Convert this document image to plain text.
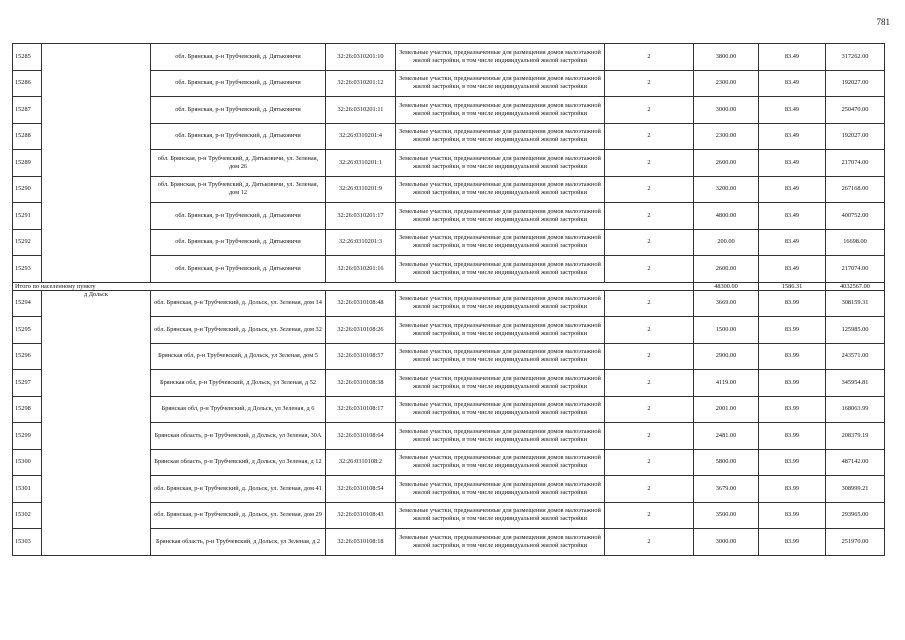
781
15285		обл. Брянская, р-н Трубчевский, д. Дятьковичи	32:26:0310201:10	Земельные участки, предназначенные для размещения домов малоэтажной жилой застройки, в том числе индивидуальной жилой застройки	2	3800.00	83.49	317262.00
15286		обл. Брянская, р-н Трубчевский, д. Дятьковичи	32:26:0310201:12	Земельные участки, предназначенные для размещения домов малоэтажной жилой застройки, в том числе индивидуальной жилой застройки	2	2300.00	83.49	192027.00
15287		обл. Брянская, р-н Трубчевский, д. Дятьковичи	32:26:0310201:11	Земельные участки, предназначенные для размещения домов малоэтажной жилой застройки, в том числе индивидуальной жилой застройки	2	3000.00	83.49	250470.00
15288		обл. Брянская, р-н Трубчевский, д. Дятьковичи	32:26:0310201:4	Земельные участки, предназначенные для размещения домов малоэтажной жилой застройки, в том числе индивидуальной жилой застройки	2	2300.00	83.49	192027.00
15289		обл. Брянская, р-н Трубчевский, д. Дятьковичи, ул. Зеленая, дом 26	32:26:0310201:1	Земельные участки, предназначенные для размещения домов малоэтажной жилой застройки, в том числе индивидуальной жилой застройки	2	2600.00	83.49	217074.00
15290		обл. Брянская, р-н Трубчевский, д. Дятьковичи, ул. Зеленая, дом 12	32:26:0310201:9	Земельные участки, предназначенные для размещения домов малоэтажной жилой застройки, в том числе индивидуальной жилой застройки	2	3200.00	83.49	267168.00
15291		обл. Брянская, р-н Трубчевский, д. Дятьковичи	32:26:0310201:17	Земельные участки, предназначенные для размещения домов малоэтажной жилой застройки, в том числе индивидуальной жилой застройки	2	4800.00	83.49	400752.00
15292		обл. Брянская, р-н Трубчевский, д. Дятьковичи	32:26:0310201:3	Земельные участки, предназначенные для размещения домов малоэтажной жилой застройки, в том числе индивидуальной жилой застройки	2	200.00	83.49	16698.00
15293		обл. Брянская, р-н Трубчевский, д. Дятьковичи	32:26:0310201:16	Земельные участки, предназначенные для размещения домов малоэтажной жилой застройки, в том числе индивидуальной жилой застройки	2	2600.00	83.49	217074.00
Итого по населенному пункту						48300.00	1586.31	4032567.00
15294	д Дольск	обл. Брянская, р-н Трубчевский, д. Дольск, ул. Зеленая, дом 14	32:26:0310108:48	Земельные участки, предназначенные для размещения домов малоэтажной жилой застройки, в том числе индивидуальной жилой застройки	2	3669.00	83.99	308159.31
15295		обл. Брянская, р-н Трубчевский, д. Дольск, ул. Зеленая, дом 32	32:26:0310108:26	Земельные участки, предназначенные для размещения домов малоэтажной жилой застройки, в том числе индивидуальной жилой застройки	2	1500.00	83.99	125985.00
15296		Брянская обл, р-н Трубчевский, д Дольск, ул Зеленая, дом 5	32:26:0310108:57	Земельные участки, предназначенные для размещения домов малоэтажной жилой застройки, в том числе индивидуальной жилой застройки	2	2900.00	83.99	243571.00
15297		Брянская обл, р-н Трубчевский, д Дольск, ул Зеленая, д 52	32:26:0310108:38	Земельные участки, предназначенные для размещения домов малоэтажной жилой застройки, в том числе индивидуальной жилой застройки	2	4119.00	83.99	345954.81
15298		Брянская обл, р-н Трубчевский, д Дольск, ул Зеленая, д 6	32:26:0310108:17	Земельные участки, предназначенные для размещения домов малоэтажной жилой застройки, в том числе индивидуальной жилой застройки	2	2001.00	83.99	168063.99
15299		Брянская область, р-н Трубчевский, д Дольск, ул Зеленая, 30А	32:26:0310108:64	Земельные участки, предназначенные для размещения домов малоэтажной жилой застройки, в том числе индивидуальной жилой застройки	2	2481.00	83.99	208379.19
15300		Брянская область, р-н Трубчевский, д Дольск, ул Зеленая, д 12	32:26:0310108:2	Земельные участки, предназначенные для размещения домов малоэтажной жилой застройки, в том числе индивидуальной жилой застройки	2	5800.00	83.99	487142.00
15301		обл. Брянская, р-н Трубчевский, д. Дольск, ул. Зеленая, дом 41	32:26:0310108:54	Земельные участки, предназначенные для размещения домов малоэтажной жилой застройки, в том числе индивидуальной жилой застройки	2	3679.00	83.99	308999.21
15302		обл. Брянская, р-н Трубчевский, д. Дольск, ул. Зеленая, дом 29	32:26:0310108:43	Земельные участки, предназначенные для размещения домов малоэтажной жилой застройки, в том числе индивидуальной жилой застройки	2	3500.00	83.99	293965.00
15303		Брянская область, р-н Трубчевский, д Дольск, ул Зеленая, д 2	32:26:0310108:18	Земельные участки, предназначенные для размещения домов малоэтажной жилой застройки, в том числе индивидуальной жилой застройки	2	3000.00	83.99	251970.00
